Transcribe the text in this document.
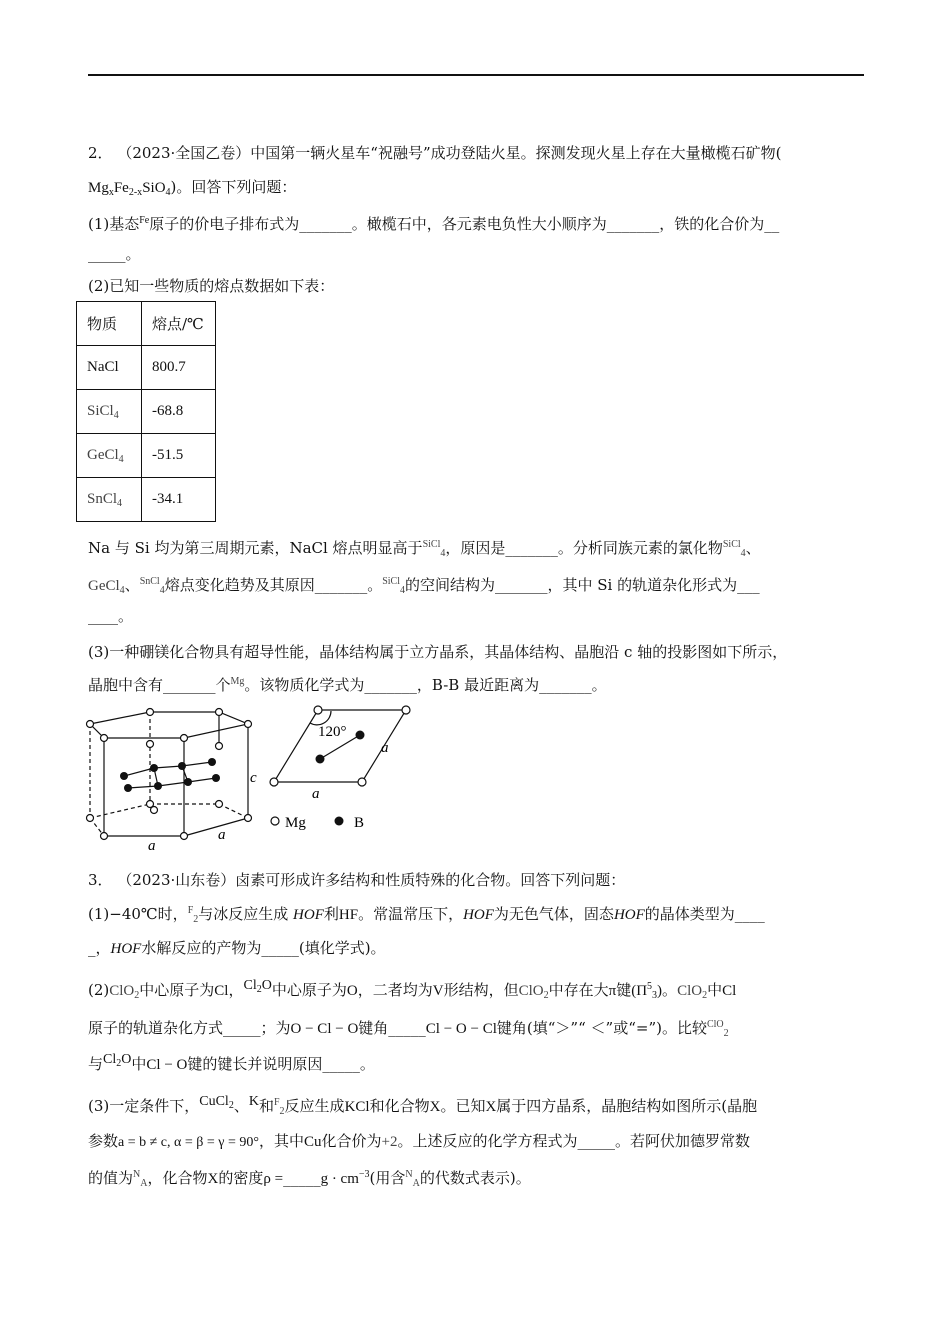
2． （2023·全国乙卷）中国第一辆火星车“祝融号”成功登陆火星。探测发现火星上存在大量橄榄石矿物(
$Mg_xFe_{2-x}SiO_4$)。回答下列问题：
(1)基态$^{Fe}$原子的价电子排布式为_______。橄榄石中，各元素电负性大小顺序为_______，铁的化合价为__
_____。
(2)已知一些物质的熔点数据如下表：
物质	熔点/℃
NaCl	800.7
SiCl$_4$	-68.8
GeCl$_4$	-51.5
SnCl$_4$	-34.1
Na 与 Si 均为第三周期元素，NaCl 熔点明显高于$^{SiCl}_4$，原因是_______。分析同族元素的氯化物$^{SiCl}_4$、
GeCl$_4$、$^{SnCl}_4$熔点变化趋势及其原因_______。$^{SiCl}_4$的空间结构为_______，其中 Si 的轨道杂化形式为___
____。
(3)一种硼镁化合物具有超导性能，晶体结构属于立方晶系，其晶体结构、晶胞沿 c 轴的投影图如下所示，
晶胞中含有_______个$^{Mg}$。该物质化学式为_______，B-B 最近距离为_______。
c
a
a
120°
a
a
Mg	B
3． （2023·山东卷）卤素可形成许多结构和性质特殊的化合物。回答下列问题：
(1)−40℃时，$^F_2$与冰反应生成 HOF利HF。常温常压下，HOF为无色气体，固态HOF的晶体类型为____
_，HOF水解反应的产物为_____(填化学式)。
(2)ClO$_2$中心原子为Cl，$^{Cl_2O}$中心原子为O，二者均为V形结构，但ClO$_2$中存在大π键$(\Pi^5_3)$。ClO$_2$中Cl
原子的轨道杂化方式_____；为O − Cl − O键角_____Cl − O − Cl键角(填“＞”“ ＜”或“=”)。比较$^{ClO}_2$
与$^{Cl_2O}$中Cl − O键的键长并说明原因_____。
(3)一定条件下，$^{CuCl_2}$、$^K$和$^F_2$反应生成KCl和化合物X。已知X属于四方晶系，晶胞结构如图所示(晶胞
参数a = b ≠ c, α = β = γ = 90°，其中Cu化合价为+2。上述反应的化学方程式为_____。若阿伏加德罗常数
的值为$^N_A$，化合物X的密度ρ =_____g · $cm^{-3}$(用含$^N_A$的代数式表示)。
